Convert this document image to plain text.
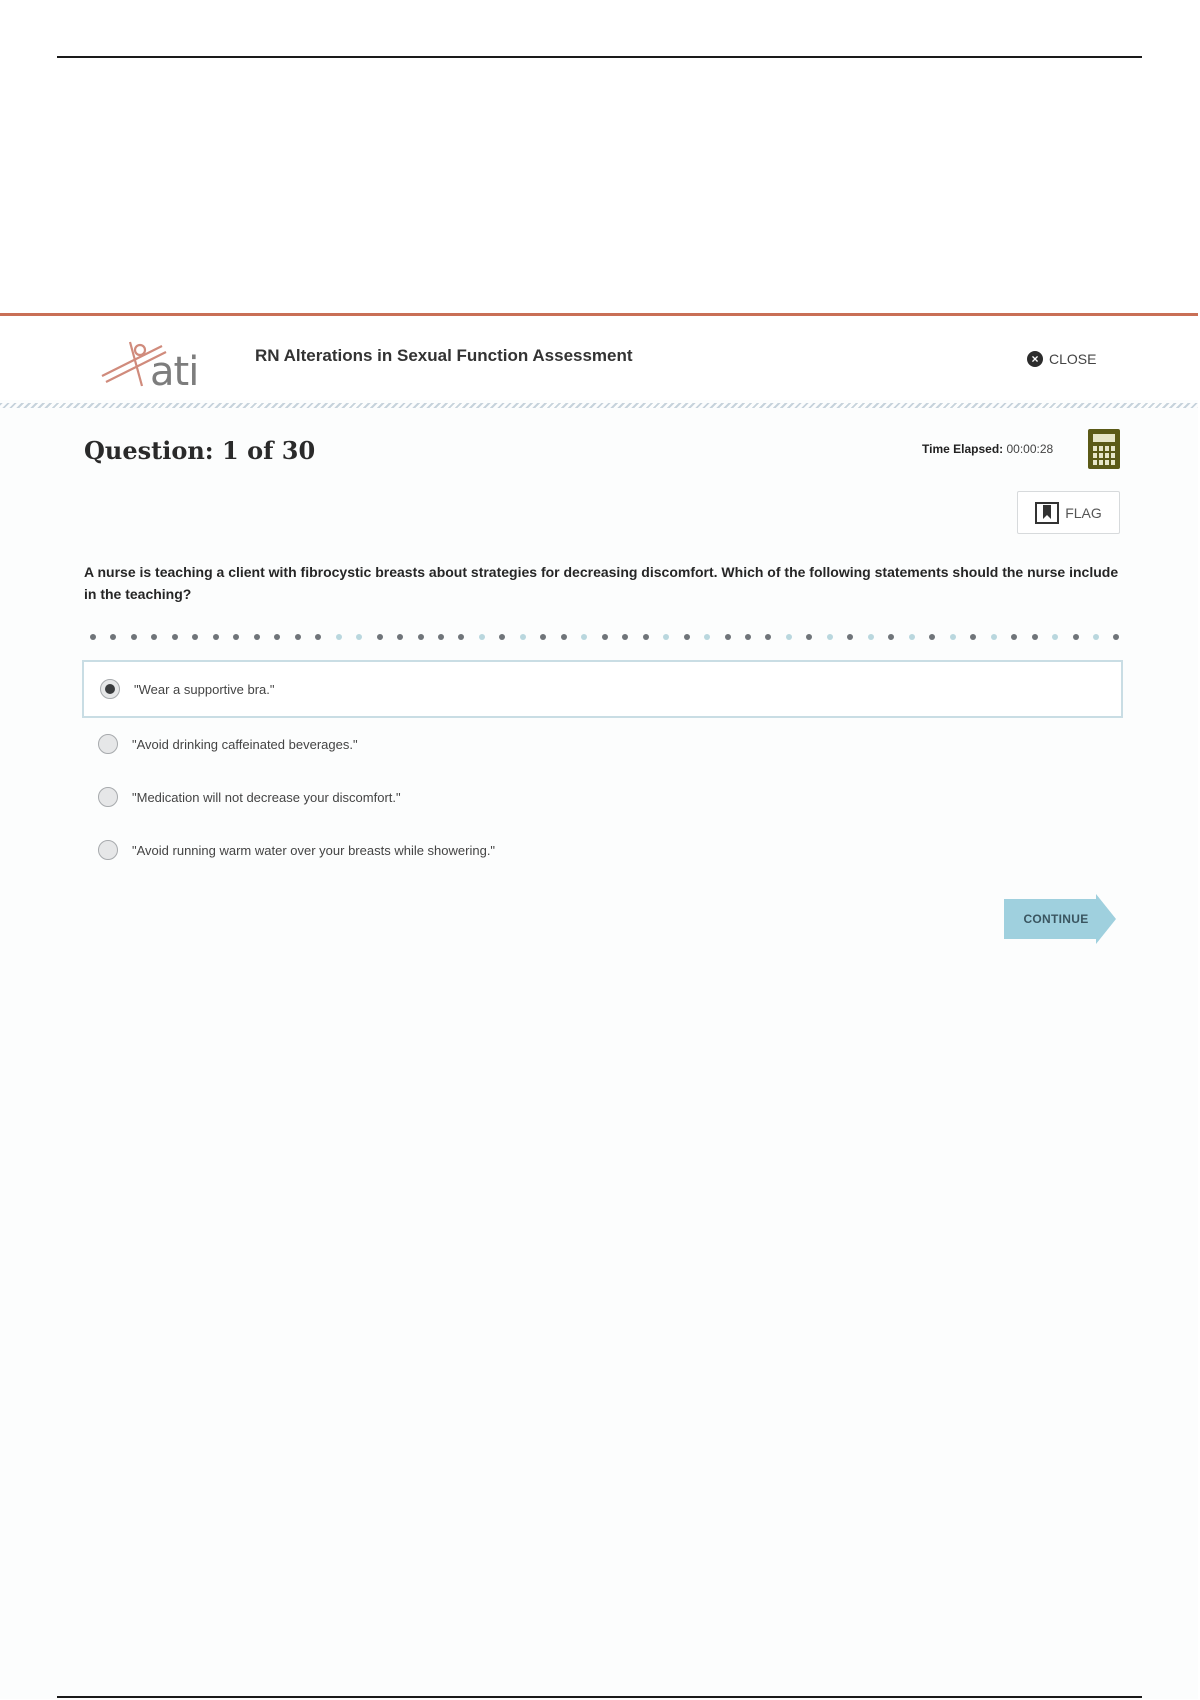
ati	RN Alterations in Sexual Function Assessment	× CLOSE
Question: 1 of 30	Time Elapsed: 00:00:28
FLAG
A nurse is teaching a client with fibrocystic breasts about strategies for decreasing discomfort. Which of the following statements should the nurse include in the teaching?
"Wear a supportive bra."
"Avoid drinking caffeinated beverages."
"Medication will not decrease your discomfort."
"Avoid running warm water over your breasts while showering."
CONTINUE
